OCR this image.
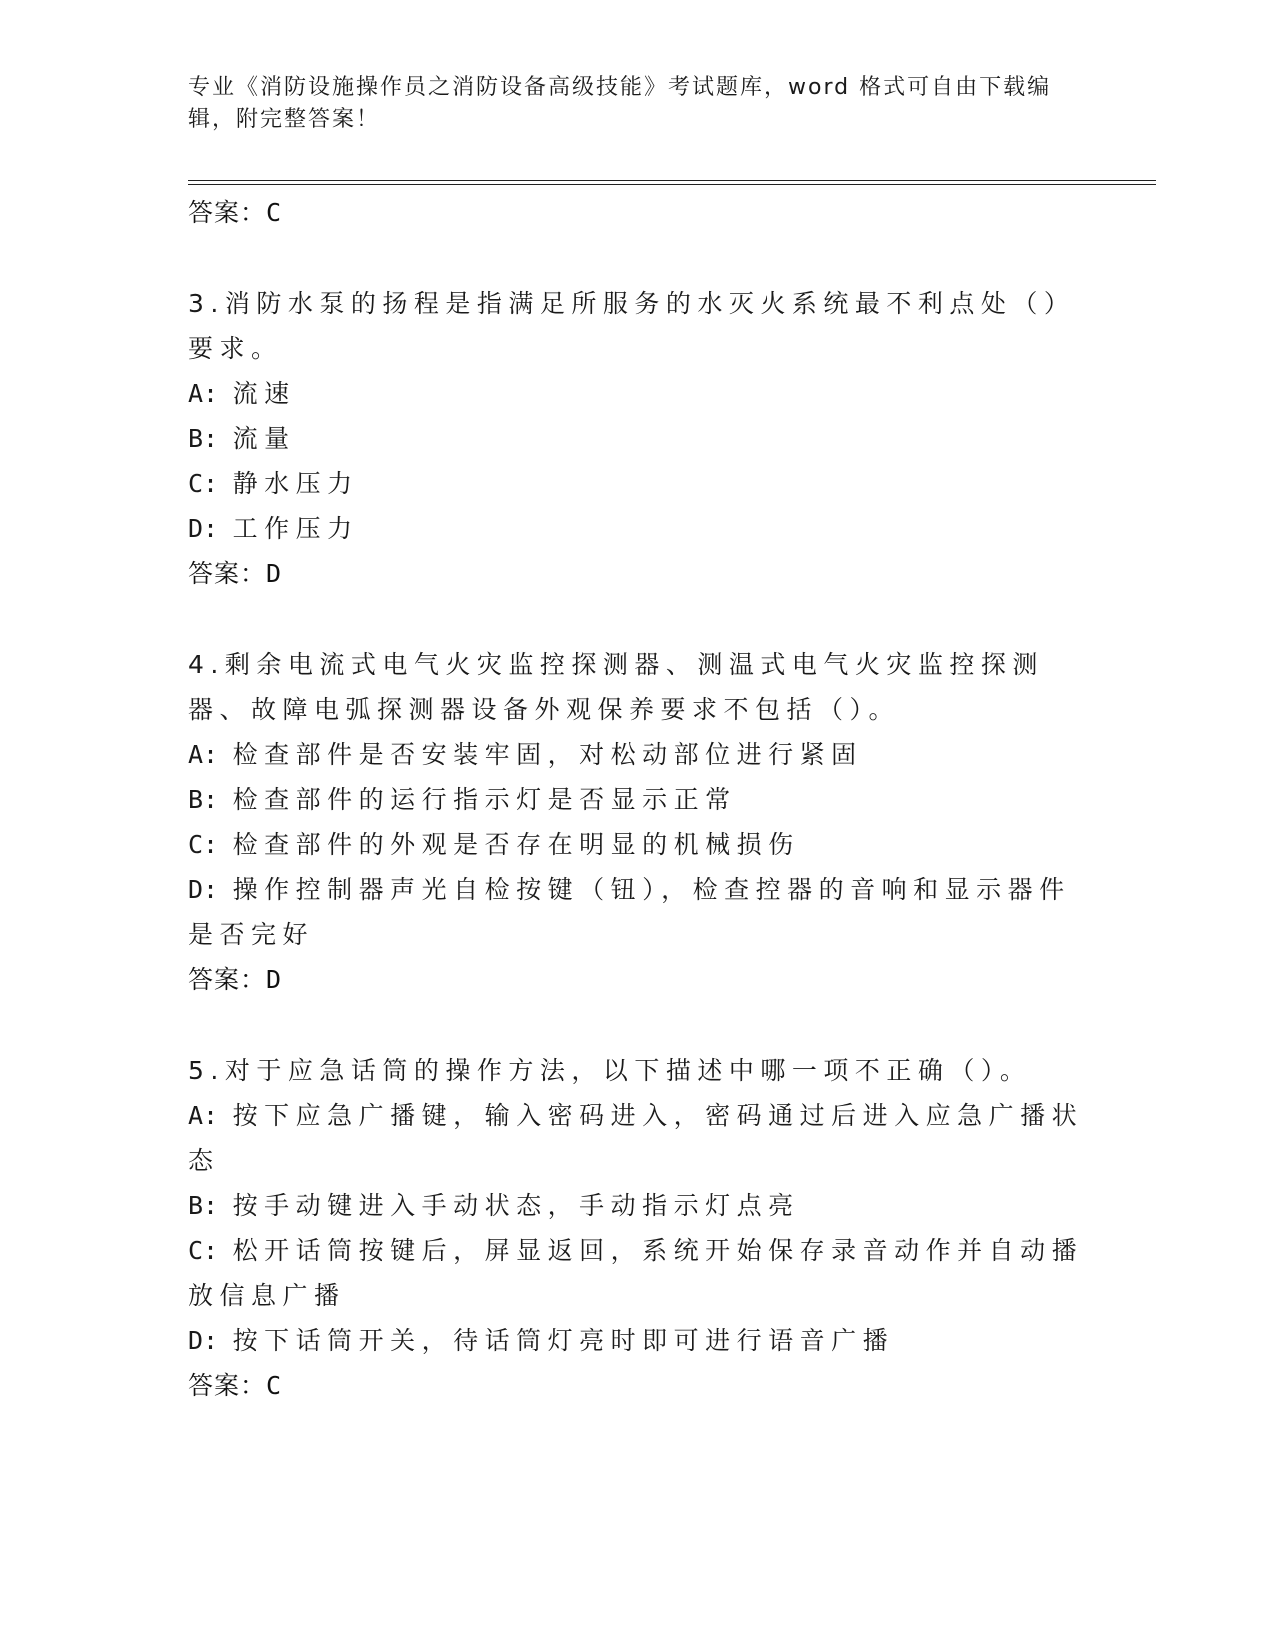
专业《消防设施操作员之消防设备高级技能》考试题库，word 格式可自由下载编辑，附完整答案！
答案：C

3.消防水泵的扬程是指满足所服务的水灭火系统最不利点处（）要求。

A: 流速

B: 流量

C: 静水压力

D: 工作压力

答案：D

4.剩余电流式电气火灾监控探测器、测温式电气火灾监控探测器、故障电弧探测器设备外观保养要求不包括（）。

A: 检查部件是否安装牢固，对松动部位进行紧固

B: 检查部件的运行指示灯是否显示正常

C: 检查部件的外观是否存在明显的机械损伤

D: 操作控制器声光自检按键（钮），检查控器的音响和显示器件是否完好

答案：D

5.对于应急话筒的操作方法，以下描述中哪一项不正确（）。

A: 按下应急广播键，输入密码进入，密码通过后进入应急广播状态

B: 按手动键进入手动状态，手动指示灯点亮

C: 松开话筒按键后，屏显返回，系统开始保存录音动作并自动播放信息广播

D: 按下话筒开关，待话筒灯亮时即可进行语音广播

答案：C
